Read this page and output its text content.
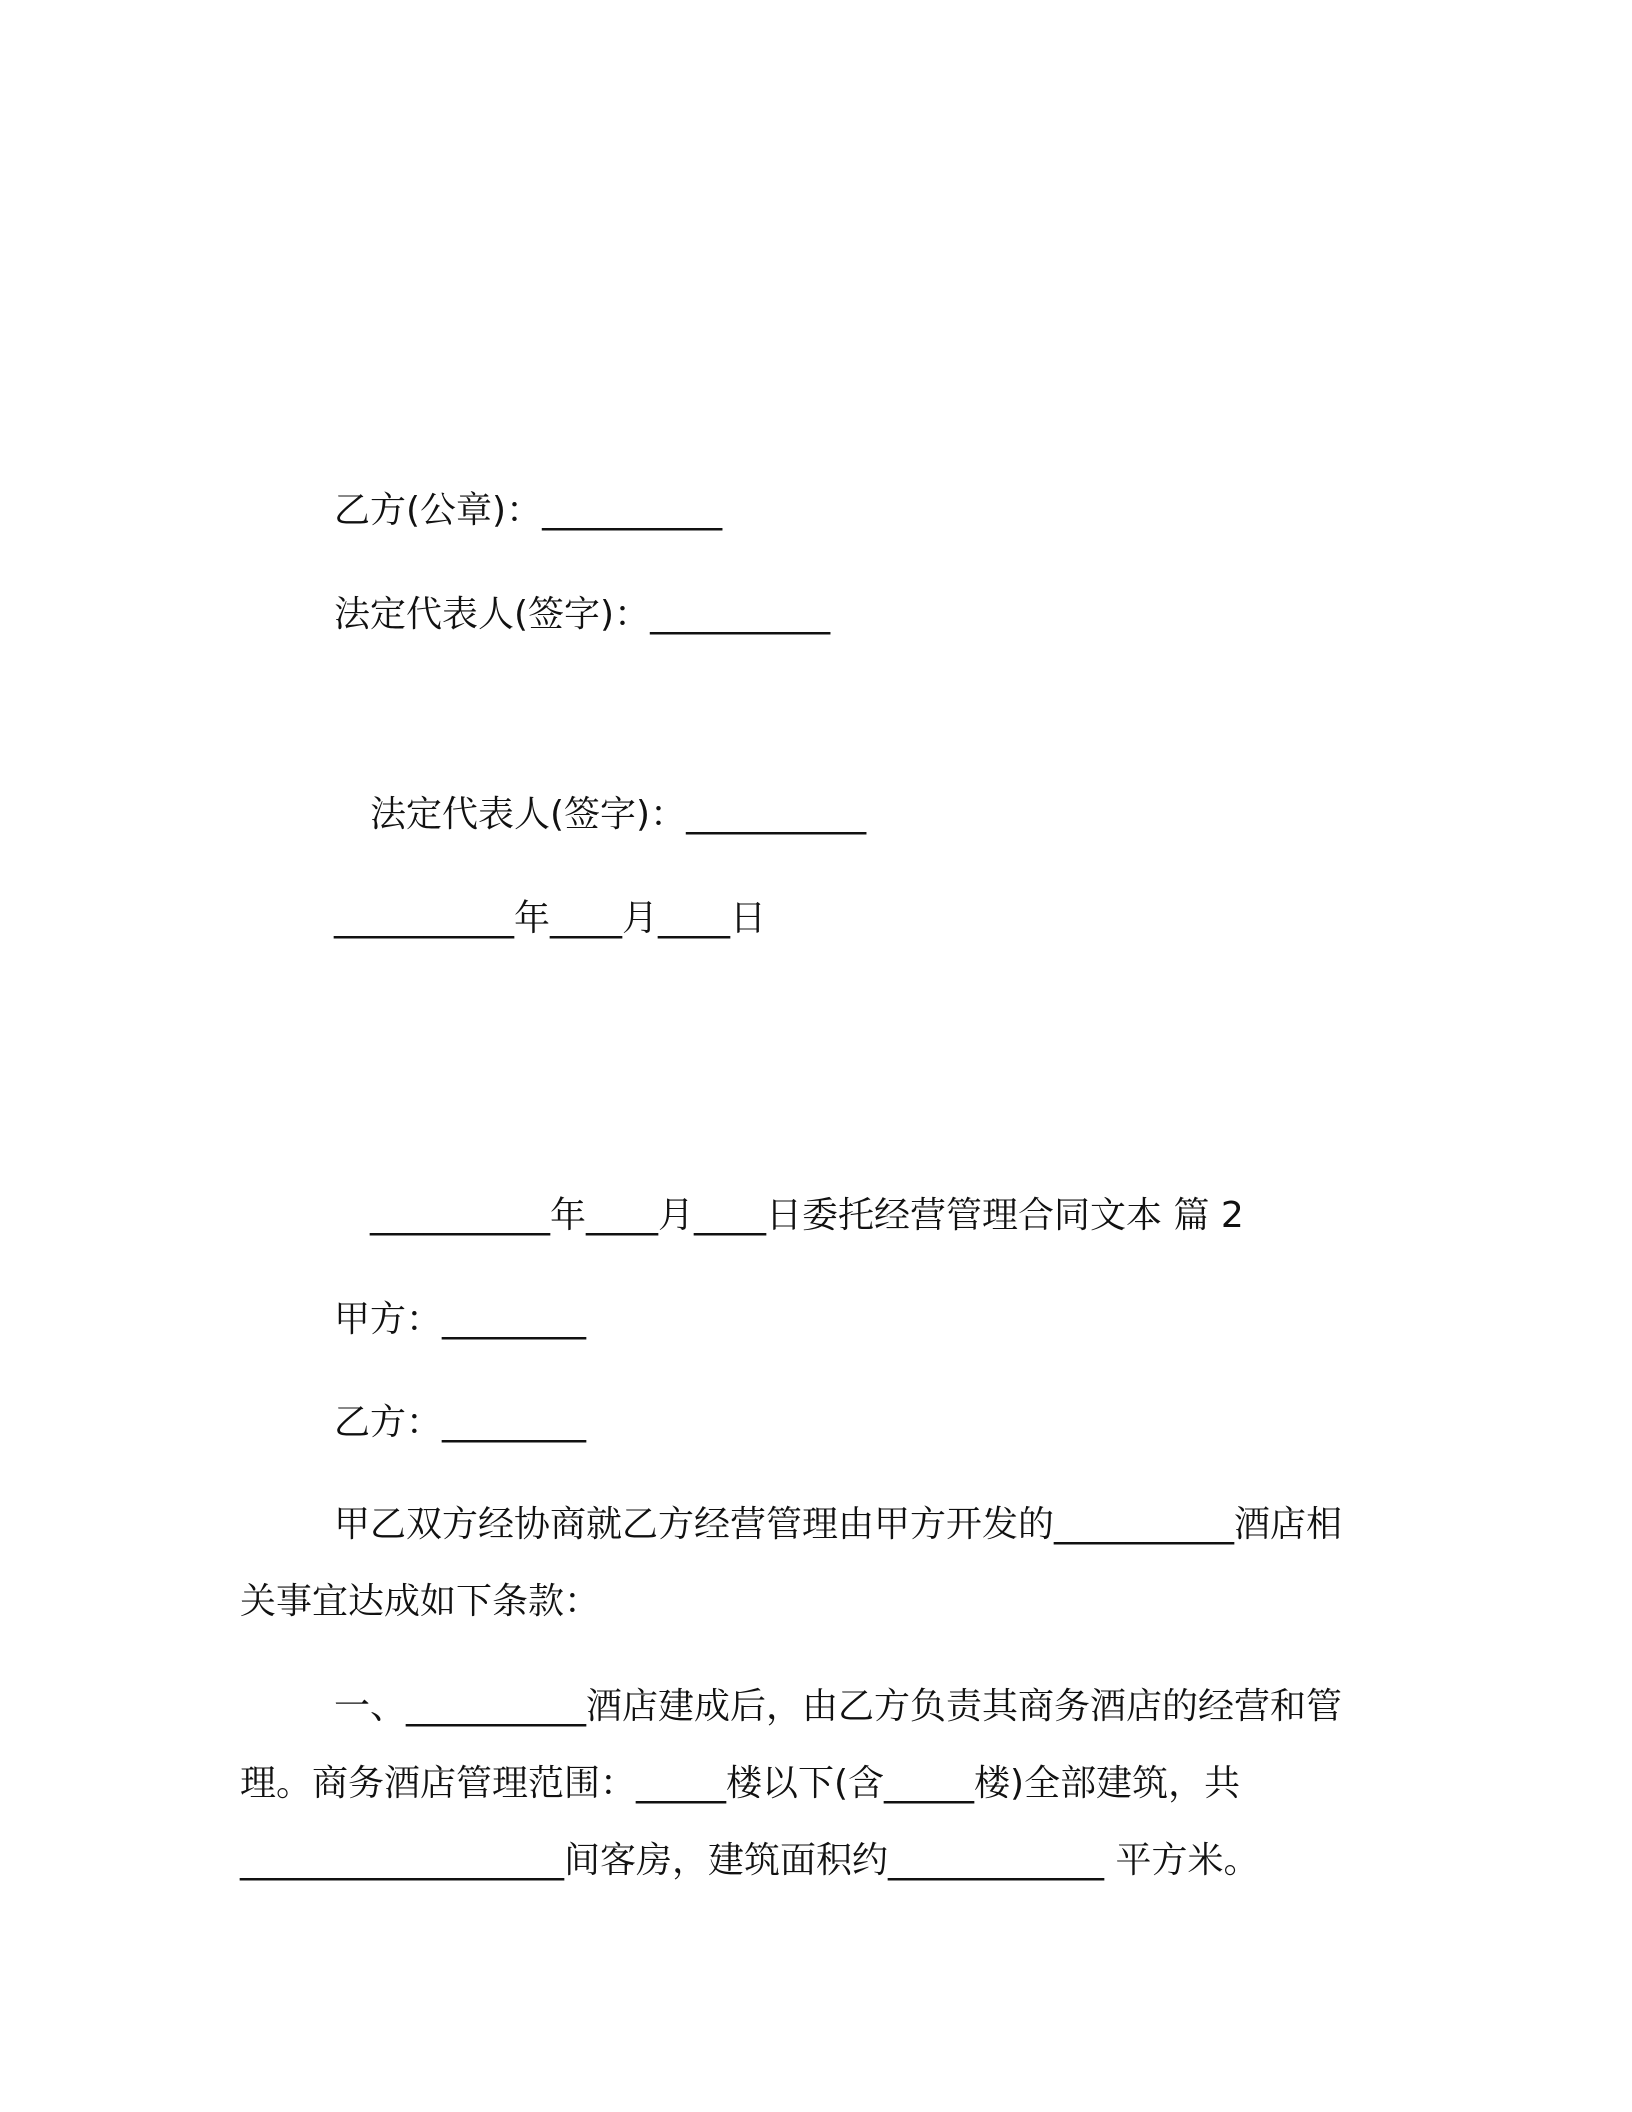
乙方(公章)：__________
法定代表人(签字)：__________
法定代表人(签字)：__________
__________年____月____日
__________年____月____日委托经营管理合同文本 篇 2
甲方：________
乙方：________
甲乙双方经协商就乙方经营管理由甲方开发的__________酒店相
关事宜达成如下条款：
一、__________酒店建成后，由乙方负责其商务酒店的经营和管
理。商务酒店管理范围：_____楼以下(含_____楼)全部建筑，共
__________________间客房，建筑面积约____________ 平方米。
